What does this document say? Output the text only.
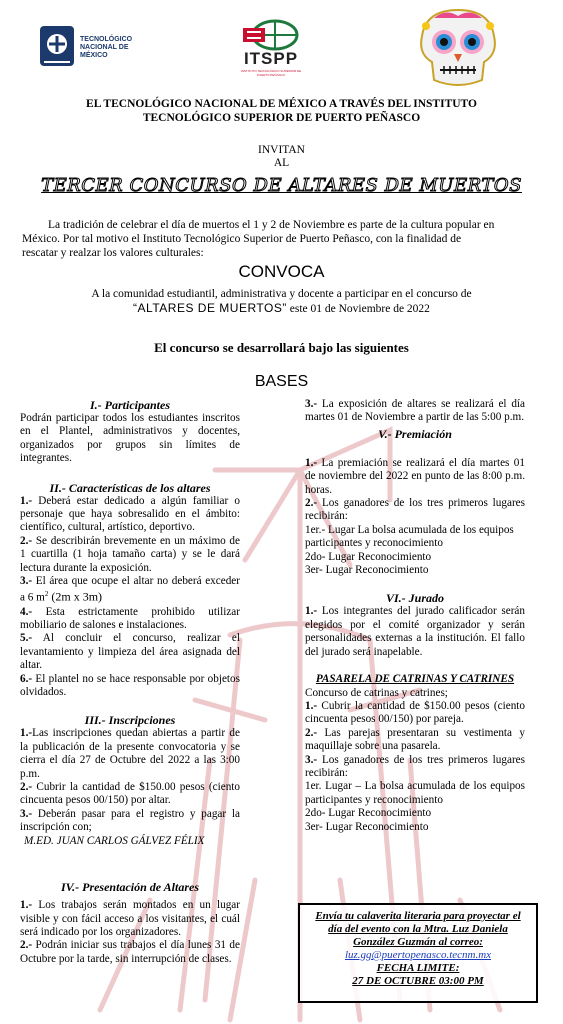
TECNOLÓGICO
NACIONAL DE MÉXICO	ITSPP
INSTITUTO TECNOLÓGICO SUPERIOR DE PUERTO PEÑASCO
EL TECNOLÓGICO NACIONAL DE MÉXICO A TRAVÉS DEL INSTITUTO
TECNOLÓGICO SUPERIOR DE PUERTO PEÑASCO
INVITAN
AL
TERCER CONCURSO DE ALTARES DE MUERTOS
La tradición de celebrar el día de muertos el 1 y 2 de Noviembre es parte de la cultura popular en
México. Por tal motivo el Instituto Tecnológico Superior de Puerto Peñasco, con la finalidad de
rescatar y realzar los valores culturales:
CONVOCA
A la comunidad estudiantil, administrativa y docente a participar en el concurso de
“ALTARES DE MUERTOS” este 01 de Noviembre de 2022
El concurso se desarrollará bajo las siguientes
BASES

I.- Participantes

Podrán participar todos los estudiantes inscritos en el Plantel, administrativos y docentes, organizados por grupos sin límites de integrantes.

II.- Características de los altares

1.- Deberá estar dedicado a algún familiar o personaje que haya sobresalido en el ámbito: científico, cultural, artístico, deportivo.

2.- Se describirán brevemente en un máximo de 1 cuartilla (1 hoja tamaño carta) y se le dará lectura durante la exposición.

3.- El área que ocupe el altar no deberá exceder a 6 $m^2$ (2m x 3m)

4.- Esta estrictamente prohibido utilizar mobiliario de salones e instalaciones.

5.- Al concluir el concurso, realizar el levantamiento y limpieza del área asignada del altar.

6.- El plantel no se hace responsable por objetos olvidados.

III.- Inscripciones

1.-Las inscripciones quedan abiertas a partir de la publicación de la presente convocatoria y se cierra el día 27 de Octubre del 2022 a las 3:00 p.m.

2.- Cubrir la cantidad de $150.00 pesos (ciento cincuenta pesos 00/150) por altar.

3.- Deberán pasar para el registro y pagar la inscripción con;

M.ED. JUAN CARLOS GÁLVEZ FÉLIX

IV.- Presentación de Altares

1.- Los trabajos serán montados en un lugar visible y con fácil acceso a los visitantes, el cuál será indicado por los organizadores.

2.- Podrán iniciar sus trabajos el día lunes 31 de Octubre por la tarde, sin interrupción de clases.

3.- La exposición de altares se realizará el día martes 01 de Noviembre a partir de las 5:00 p.m.

V.- Premiación

1.- La premiación se realizará el día martes 01 de noviembre del 2022 en punto de las 8:00 p.m. horas.

2.- Los ganadores de los tres primeros lugares recibirán:

1er.- Lugar La bolsa acumulada de los equipos participantes y reconocimiento

2do- Lugar Reconocimiento

3er- Lugar Reconocimiento

VI.- Jurado

1.- Los integrantes del jurado calificador serán elegidos por el comité organizador y serán personalidades externas a la institución. El fallo del jurado será inapelable.

PASARELA DE CATRINAS Y CATRINES

Concurso de catrinas y catrines;

1.- Cubrir la cantidad de $150.00 pesos (ciento cincuenta pesos 00/150) por pareja.

2.- Las parejas presentaran su vestimenta y maquillaje sobre una pasarela.

3.- Los ganadores de los tres primeros lugares recibirán:

1er. Lugar – La bolsa acumulada de los equipos participantes y reconocimiento

2do- Lugar Reconocimiento

3er- Lugar Reconocimiento

Envía tu calaverita literaria para proyectar el día del evento con la Mtra. Luz Daniela González Guzmán al correo:
luz.gg@puertopenasco.tecnm.mx
FECHA LIMITE:
27 DE OCTUBRE 03:00 PM
